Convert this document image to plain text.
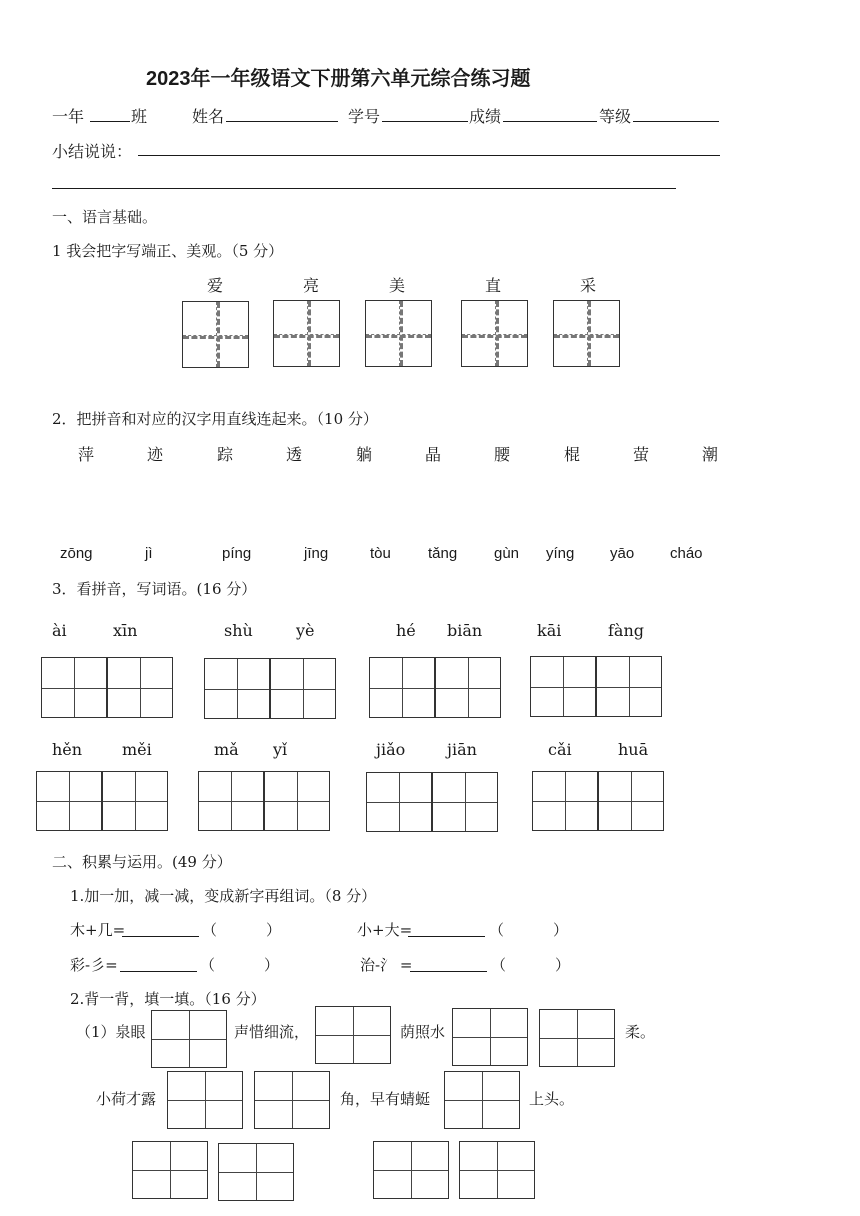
2023年一年级语文下册第六单元综合练习题
一年	班	姓名	学号	成绩	等级
小结说说：
一、语言基础。
1 我会把字写端正、美观。（5 分）
爱	亮	美	直	采
2．把拼音和对应的汉字用直线连起来。（10 分）
萍	迹	踪	透	躺	晶	腰	棍	萤	潮
zōng	jì	píng	jīng	tòu tǎng gùn yíng yāo cháo
3．看拼音，写词语。(16 分）
ài	xīn	shù	yè	hé biān	kāi	fàng
hěn měi	mǎ yǐ	jiǎo	jiān	cǎi	huā
二、积累与运用。(49 分）
1.加一加，减一减，变成新字再组词。（8 分）
木+几=	（	）	小+大=	（	）
彩-彡=	（	）	治-氵 =	（	）
2.背一背，填一填。（16 分）
（1）泉眼	声惜细流，	荫照水	柔。
小荷才露	角，早有蜻蜓	上头。
